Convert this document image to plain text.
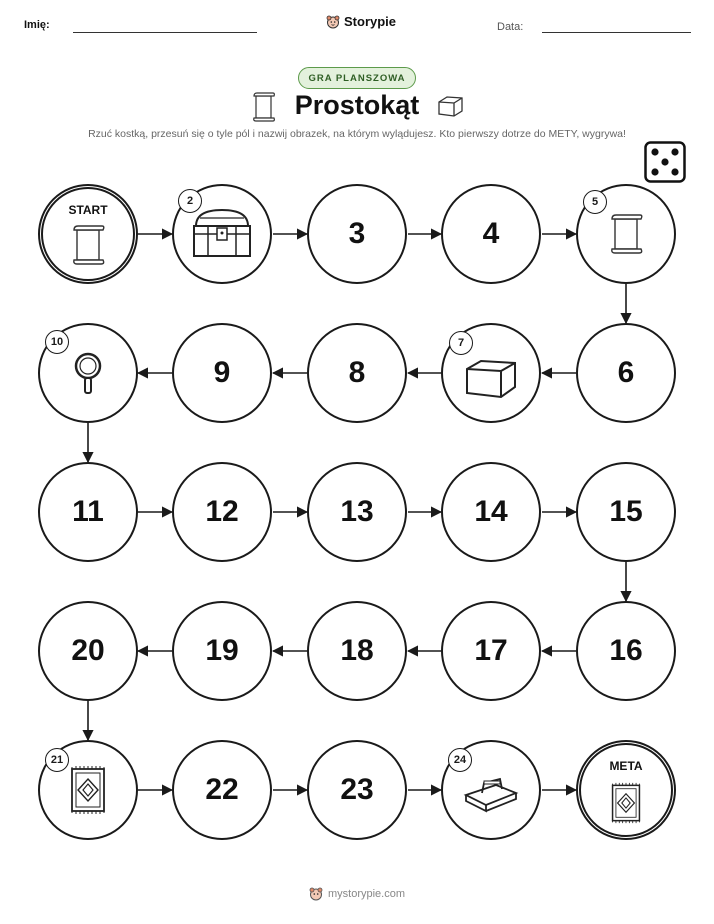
Imię:	Storypie	Data:
GRA PLANSZOWA
Prostokąt
Rzuć kostką, przesuń się o tyle pól i nazwij obrazek, na którym wylądujesz. Kto pierwszy dotrze do METY, wygrywa!
START
2
3	4
5
10
9	8
7
6
11	12	13	14	15
20	19	18	17	16
21
22	23
24	META
mystorypie.com
